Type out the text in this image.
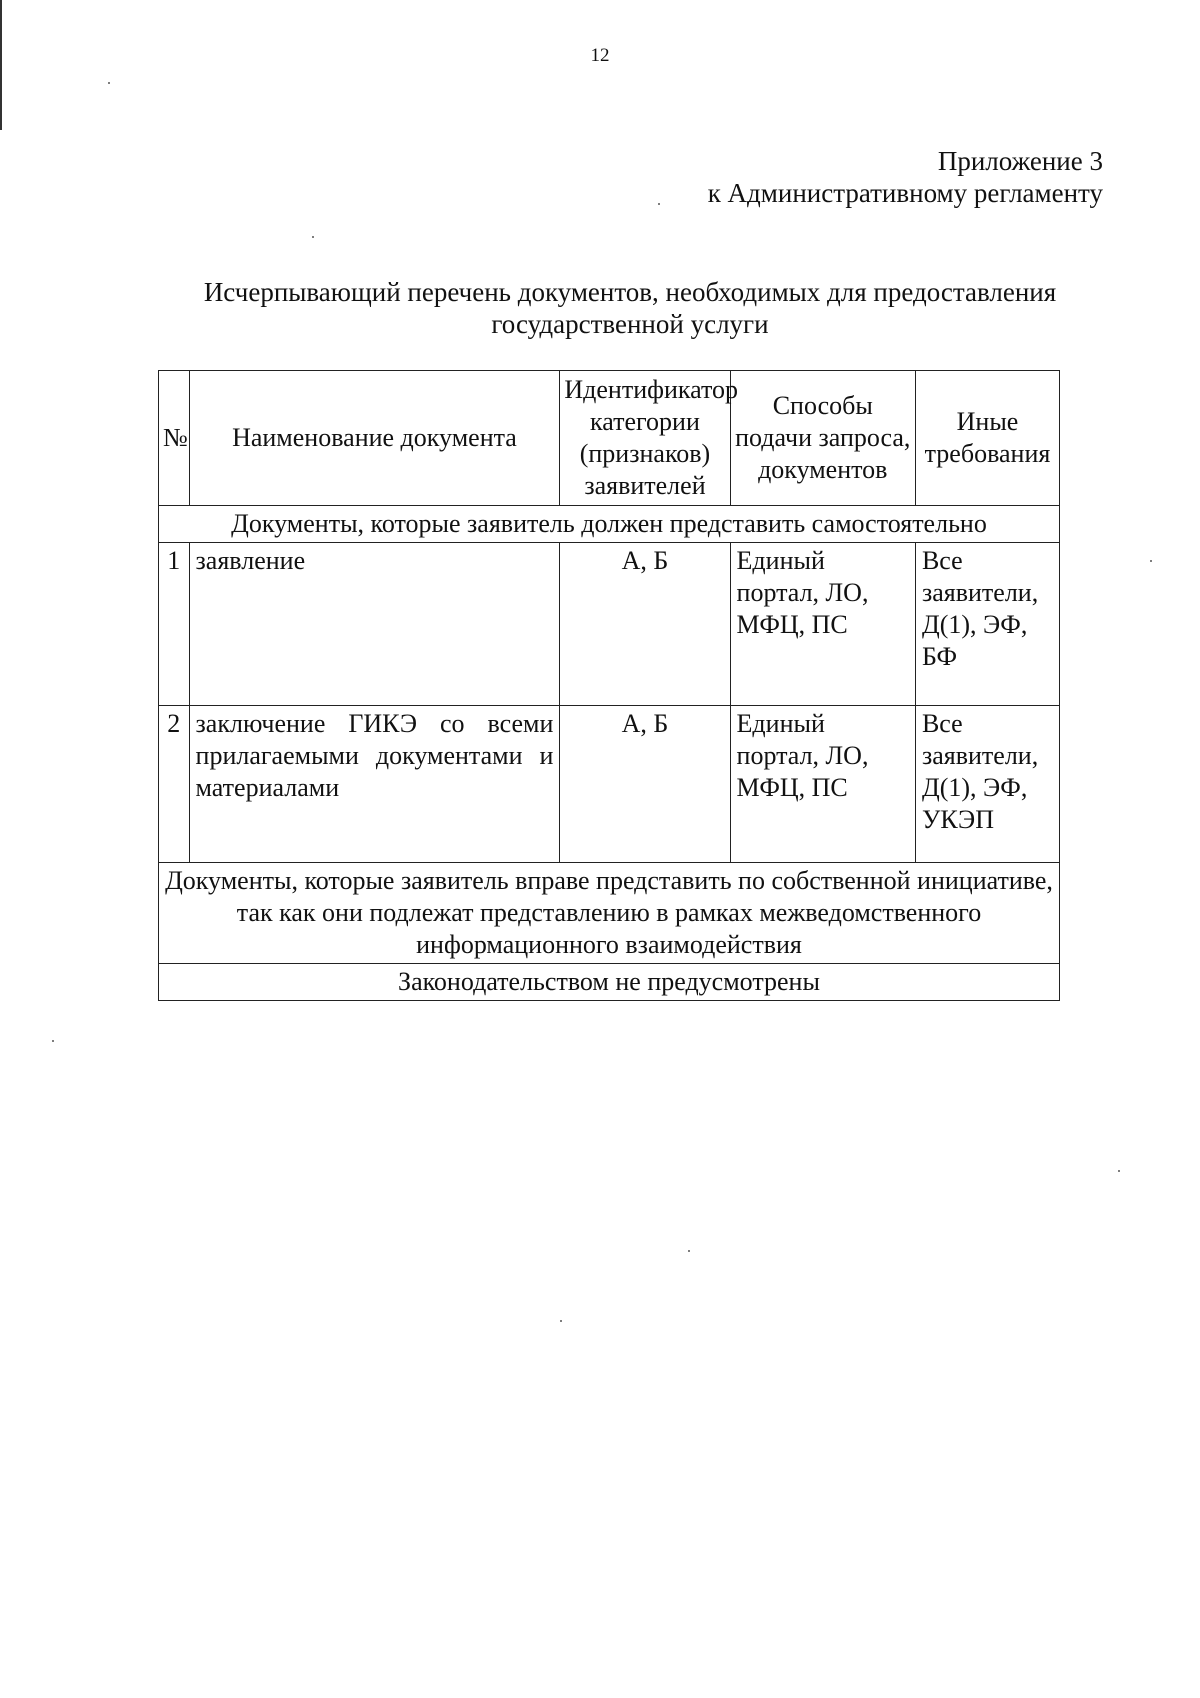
12
Приложение 3
к Административному регламенту
Исчерпывающий перечень документов, необходимых для предоставления
государственной услуги
№	Наименование документа	Идентификатор категории (признаков) заявителей	Способы подачи запроса, документов	Иные требования
Документы, которые заявитель должен представить самостоятельно				
1	заявление	А, Б	Единый портал, ЛО, МФЦ, ПС	Все заявители, Д(1), ЭФ, БФ
2	заключение ГИКЭ со всеми прилагаемыми документами и материалами	А, Б	Единый портал, ЛО, МФЦ, ПС	Все заявители, Д(1), ЭФ, УКЭП
Документы, которые заявитель вправе представить по собственной инициативе, так как они подлежат представлению в рамках межведомственного информационного взаимодействия				
Законодательством не предусмотрены				
